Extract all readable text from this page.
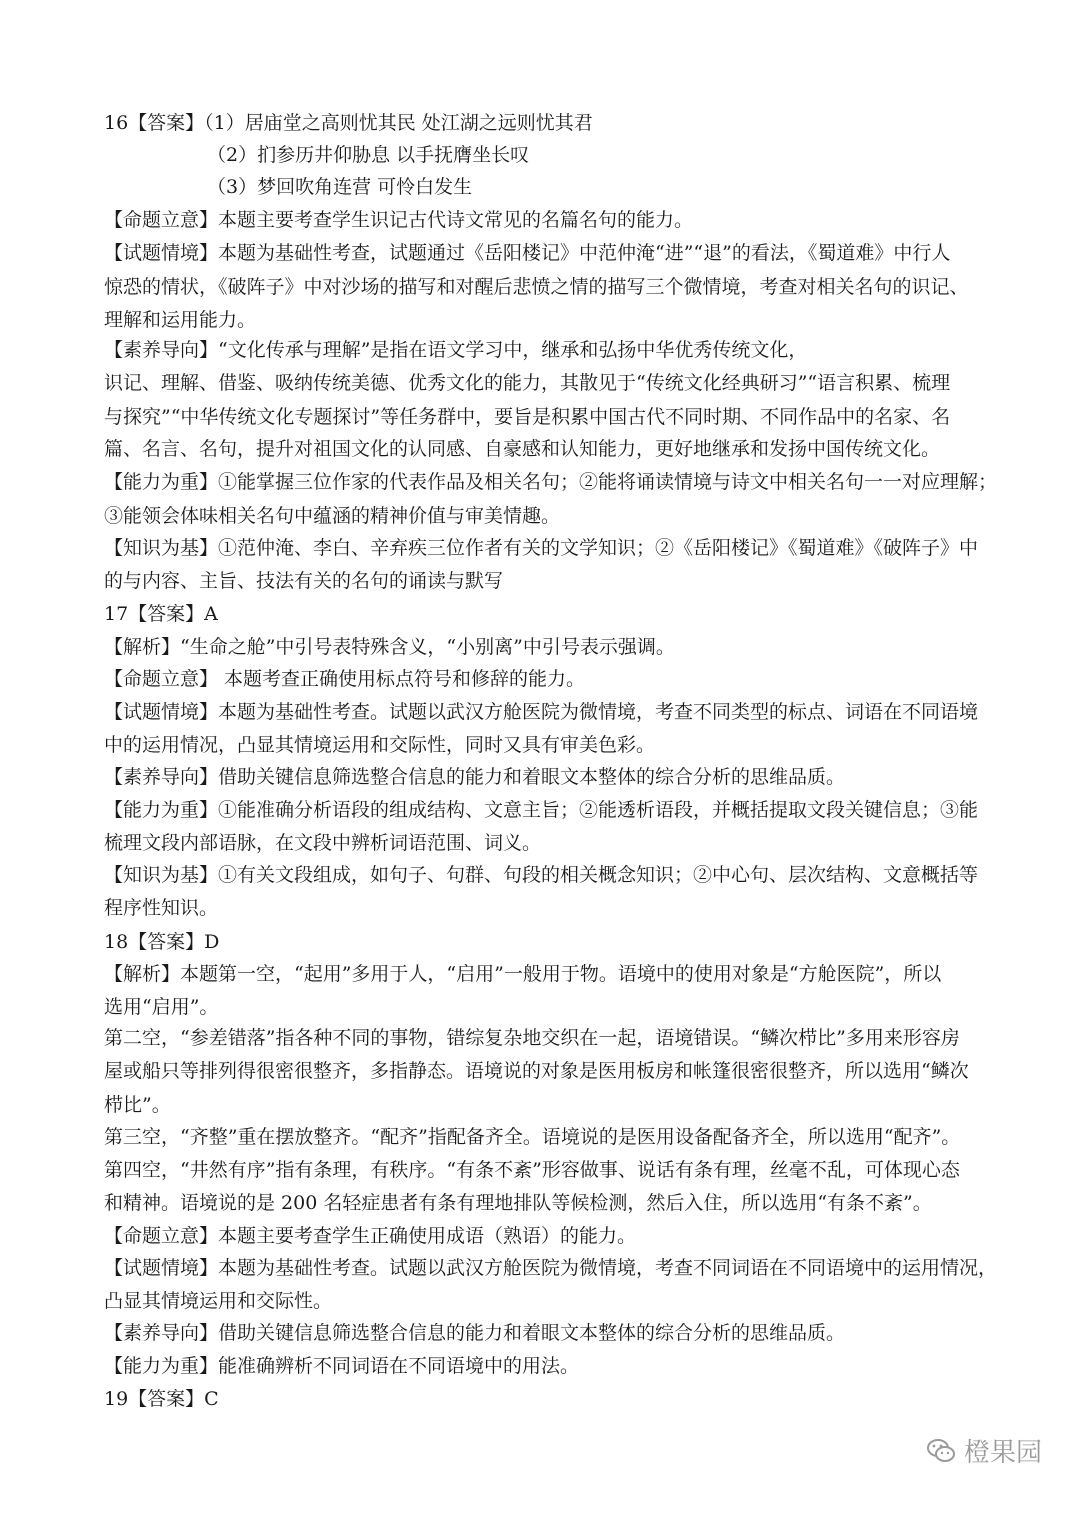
16【答案】（1）居庙堂之高则忧其民 处江湖之远则忧其君
（2）扪参历井仰胁息 以手抚膺坐长叹
（3）梦回吹角连营 可怜白发生
【命题立意】本题主要考查学生识记古代诗文常见的名篇名句的能力。
【试题情境】本题为基础性考查，试题通过《岳阳楼记》中范仲淹“进”“退”的看法，《蜀道难》中行人
惊恐的情状，《破阵子》中对沙场的描写和对醒后悲愤之情的描写三个微情境，考查对相关名句的识记、
理解和运用能力。
【素养导向】“文化传承与理解”是指在语文学习中，继承和弘扬中华优秀传统文化，
识记、理解、借鉴、吸纳传统美德、优秀文化的能力，其散见于“传统文化经典研习”“语言积累、梳理
与探究”“中华传统文化专题探讨”等任务群中，要旨是积累中国古代不同时期、不同作品中的名家、名
篇、名言、名句，提升对祖国文化的认同感、自豪感和认知能力，更好地继承和发扬中国传统文化。
【能力为重】①能掌握三位作家的代表作品及相关名句；②能将诵读情境与诗文中相关名句一一对应理解；
③能领会体味相关名句中蕴涵的精神价值与审美情趣。
【知识为基】①范仲淹、李白、辛弃疾三位作者有关的文学知识；②《岳阳楼记》《蜀道难》《破阵子》中
的与内容、主旨、技法有关的名句的诵读与默写
17【答案】A
【解析】“生命之舱”中引号表特殊含义，“小别离”中引号表示强调。
【命题立意】 本题考查正确使用标点符号和修辞的能力。
【试题情境】本题为基础性考查。试题以武汉方舱医院为微情境，考查不同类型的标点、词语在不同语境
中的运用情况，凸显其情境运用和交际性，同时又具有审美色彩。
【素养导向】借助关键信息筛选整合信息的能力和着眼文本整体的综合分析的思维品质。
【能力为重】①能准确分析语段的组成结构、文意主旨；②能透析语段，并概括提取文段关键信息；③能
梳理文段内部语脉，在文段中辨析词语范围、词义。
【知识为基】①有关文段组成，如句子、句群、句段的相关概念知识；②中心句、层次结构、文意概括等
程序性知识。
18【答案】D
【解析】本题第一空，“起用”多用于人，“启用”一般用于物。语境中的使用对象是“方舱医院”，所以
选用“启用”。
第二空，“参差错落”指各种不同的事物，错综复杂地交织在一起，语境错误。“鳞次栉比”多用来形容房
屋或船只等排列得很密很整齐，多指静态。语境说的对象是医用板房和帐篷很密很整齐，所以选用“鳞次
栉比”。
第三空，“齐整”重在摆放整齐。“配齐”指配备齐全。语境说的是医用设备配备齐全，所以选用“配齐”。
第四空，“井然有序”指有条理，有秩序。“有条不紊”形容做事、说话有条有理，丝毫不乱，可体现心态
和精神。语境说的是 200 名轻症患者有条有理地排队等候检测，然后入住，所以选用“有条不紊”。
【命题立意】本题主要考查学生正确使用成语（熟语）的能力。
【试题情境】本题为基础性考查。试题以武汉方舱医院为微情境，考查不同词语在不同语境中的运用情况，
凸显其情境运用和交际性。
【素养导向】借助关键信息筛选整合信息的能力和着眼文本整体的综合分析的思维品质。
【能力为重】能准确辨析不同词语在不同语境中的用法。
19【答案】C
橙果园
